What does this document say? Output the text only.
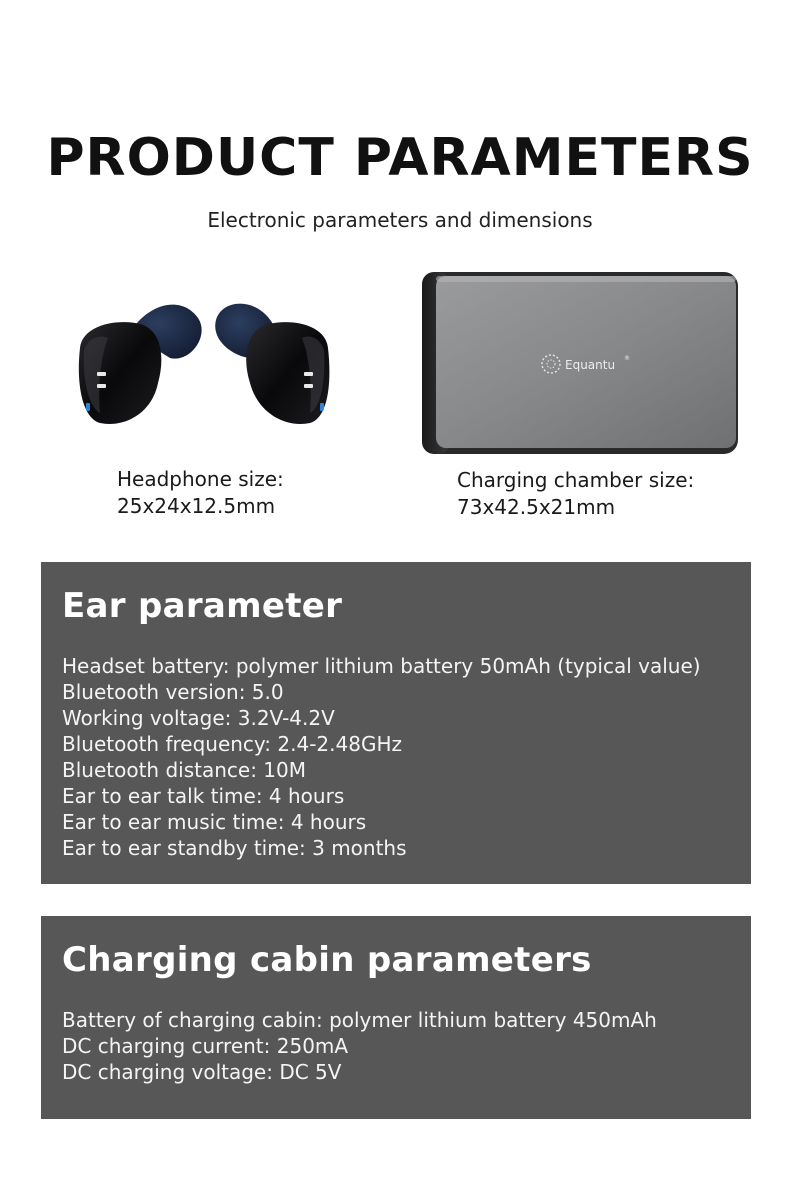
PRODUCT PARAMETERS

Electronic parameters and dimensions

Equantu ®
Headphone size:
25x24x12.5mm
Charging chamber size:
73x42.5x21mm
Ear parameter
Headset battery: polymer lithium battery 50mAh (typical value)
Bluetooth version: 5.0
Working voltage: 3.2V-4.2V
Bluetooth frequency: 2.4-2.48GHz
Bluetooth distance: 10M
Ear to ear talk time: 4 hours
Ear to ear music time: 4 hours
Ear to ear standby time: 3 months
Charging cabin parameters
Battery of charging cabin: polymer lithium battery 450mAh
DC charging current: 250mA
DC charging voltage: DC 5V
